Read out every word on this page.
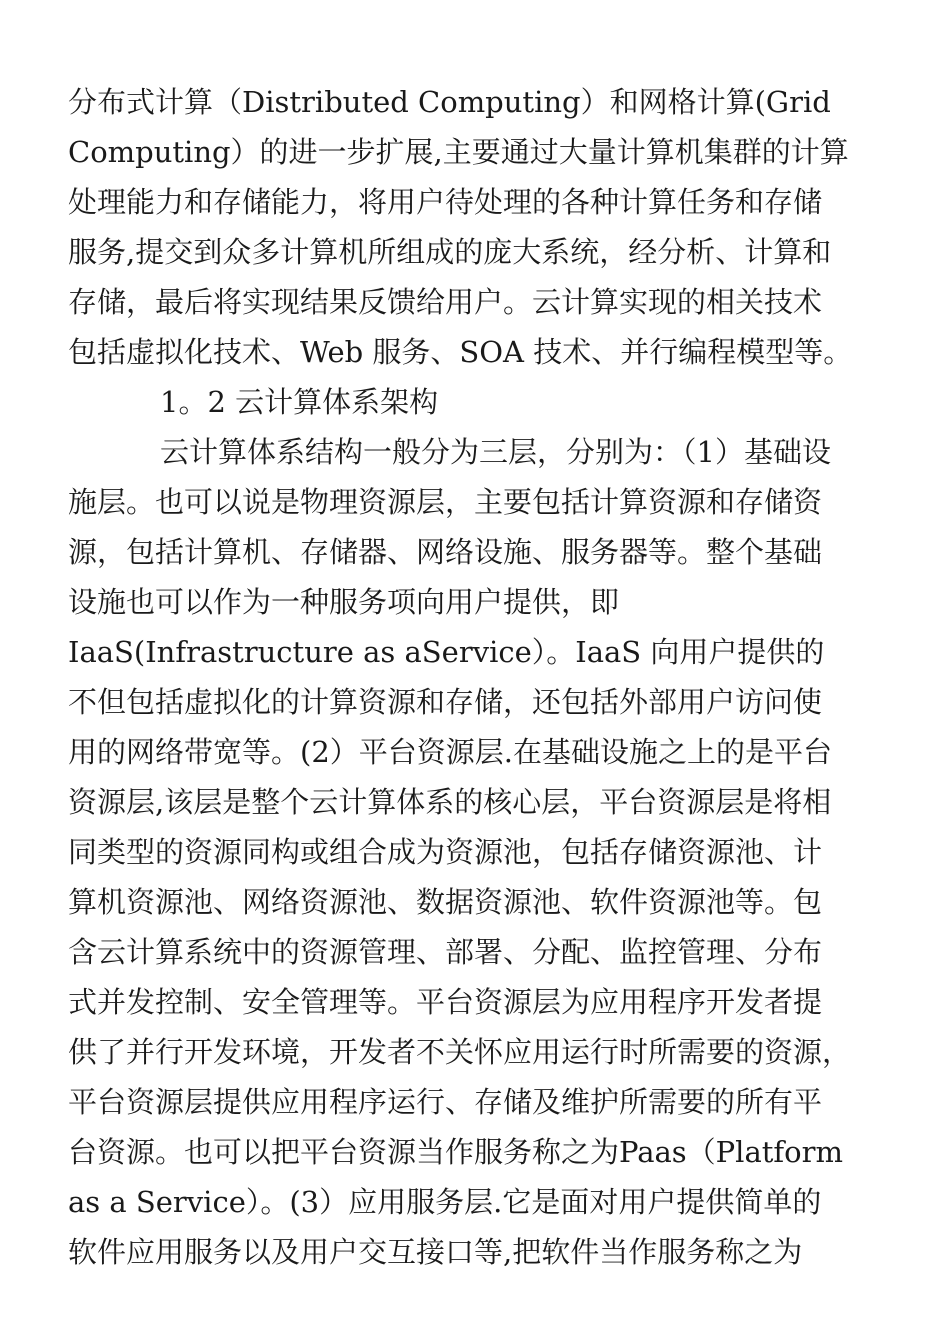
分布式计算（Distributed Computing）和网格计算(Grid
Computing）的进一步扩展,主要通过大量计算机集群的计算
处理能力和存储能力，将用户待处理的各种计算任务和存储
服务,提交到众多计算机所组成的庞大系统，经分析、计算和
存储，最后将实现结果反馈给用户。云计算实现的相关技术
包括虚拟化技术、Web 服务、SOA 技术、并行编程模型等。
1。2 云计算体系架构
云计算体系结构一般分为三层，分别为：（1）基础设
施层。也可以说是物理资源层，主要包括计算资源和存储资
源，包括计算机、存储器、网络设施、服务器等。整个基础
设施也可以作为一种服务项向用户提供，即
IaaS(Infrastructure as aService）。IaaS 向用户提供的
不但包括虚拟化的计算资源和存储，还包括外部用户访问使
用的网络带宽等。(2）平台资源层.在基础设施之上的是平台
资源层,该层是整个云计算体系的核心层，平台资源层是将相
同类型的资源同构或组合成为资源池，包括存储资源池、计
算机资源池、网络资源池、数据资源池、软件资源池等。包
含云计算系统中的资源管理、部署、分配、监控管理、分布
式并发控制、安全管理等。平台资源层为应用程序开发者提
供了并行开发环境，开发者不关怀应用运行时所需要的资源，
平台资源层提供应用程序运行、存储及维护所需要的所有平
台资源。也可以把平台资源当作服务称之为Paas（Platform
as a Service）。(3）应用服务层.它是面对用户提供简单的
软件应用服务以及用户交互接口等,把软件当作服务称之为
